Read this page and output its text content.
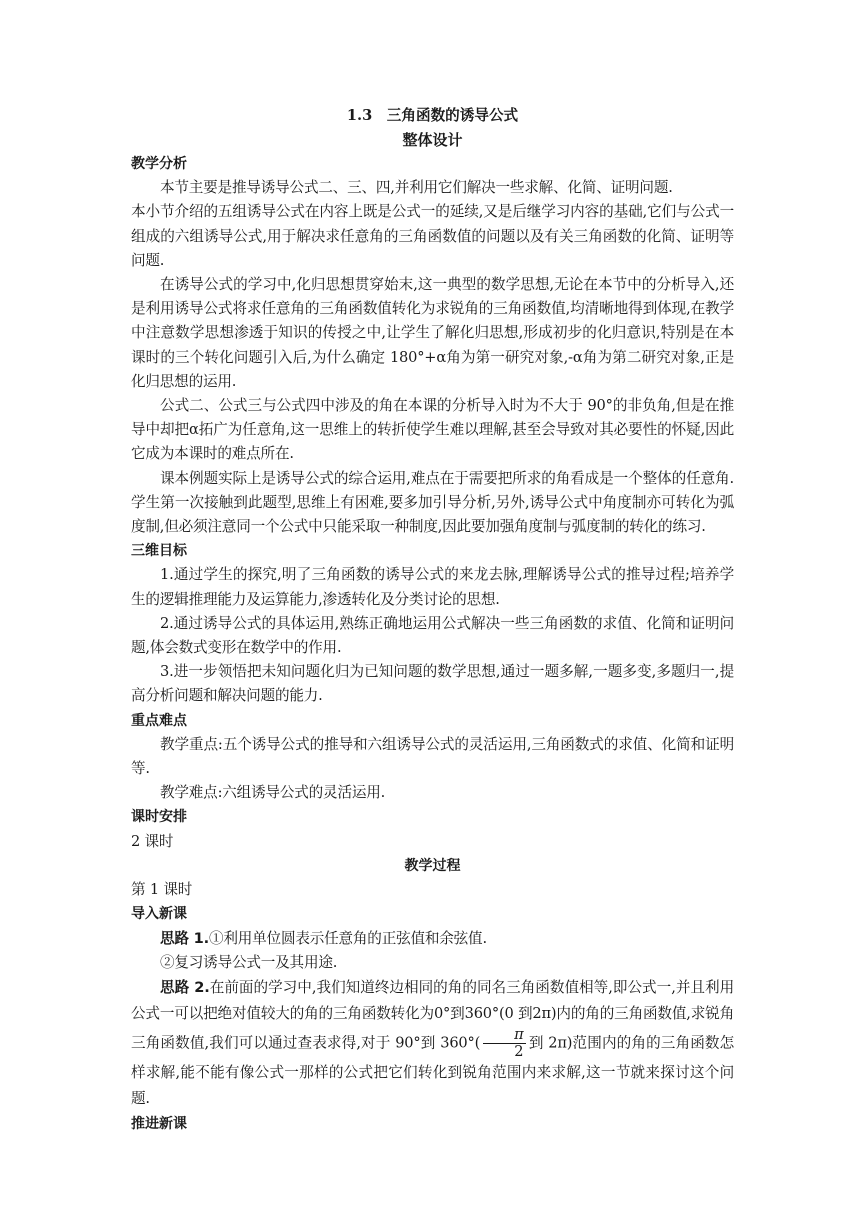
1.3　三角函数的诱导公式
整体设计
教学分析

本节主要是推导诱导公式二、三、四,并利用它们解决一些求解、化简、证明问题.

本小节介绍的五组诱导公式在内容上既是公式一的延续,又是后继学习内容的基础,它们与公式一组成的六组诱导公式,用于解决求任意角的三角函数值的问题以及有关三角函数的化简、证明等问题.

在诱导公式的学习中,化归思想贯穿始末,这一典型的数学思想,无论在本节中的分析导入,还是利用诱导公式将求任意角的三角函数值转化为求锐角的三角函数值,均清晰地得到体现,在教学中注意数学思想渗透于知识的传授之中,让学生了解化归思想,形成初步的化归意识,特别是在本课时的三个转化问题引入后,为什么确定 180°+α角为第一研究对象,-α角为第二研究对象,正是化归思想的运用.

公式二、公式三与公式四中涉及的角在本课的分析导入时为不大于 90°的非负角,但是在推导中却把α拓广为任意角,这一思维上的转折使学生难以理解,甚至会导致对其必要性的怀疑,因此它成为本课时的难点所在.

课本例题实际上是诱导公式的综合运用,难点在于需要把所求的角看成是一个整体的任意角.学生第一次接触到此题型,思维上有困难,要多加引导分析,另外,诱导公式中角度制亦可转化为弧度制,但必须注意同一个公式中只能采取一种制度,因此要加强角度制与弧度制的转化的练习.

三维目标

1.通过学生的探究,明了三角函数的诱导公式的来龙去脉,理解诱导公式的推导过程;培养学生的逻辑推理能力及运算能力,渗透转化及分类讨论的思想.

2.通过诱导公式的具体运用,熟练正确地运用公式解决一些三角函数的求值、化简和证明问题,体会数式变形在数学中的作用.

3.进一步领悟把未知问题化归为已知问题的数学思想,通过一题多解,一题多变,多题归一,提高分析问题和解决问题的能力.

重点难点

教学重点:五个诱导公式的推导和六组诱导公式的灵活运用,三角函数式的求值、化简和证明等.

教学难点:六组诱导公式的灵活运用.

课时安排

2 课时

教学过程

第 1 课时

导入新课

思路 1.①利用单位圆表示任意角的正弦值和余弦值.

②复习诱导公式一及其用途.

思路 2.在前面的学习中,我们知道终边相同的角的同名三角函数值相等,即公式一,并且利用公式一可以把绝对值较大的角的三角函数转化为0°到360°(0 到2π)内的角的三角函数值,求锐角三角函数值,我们可以通过查表求得,对于 90°到 $360^\circ( \frac{\pi}{2}$ 到 2π)范围内的角的三角函数怎样求解,能不能有像公式一那样的公式把它们转化到锐角范围内来求解,这一节就来探讨这个问题.

推进新课
